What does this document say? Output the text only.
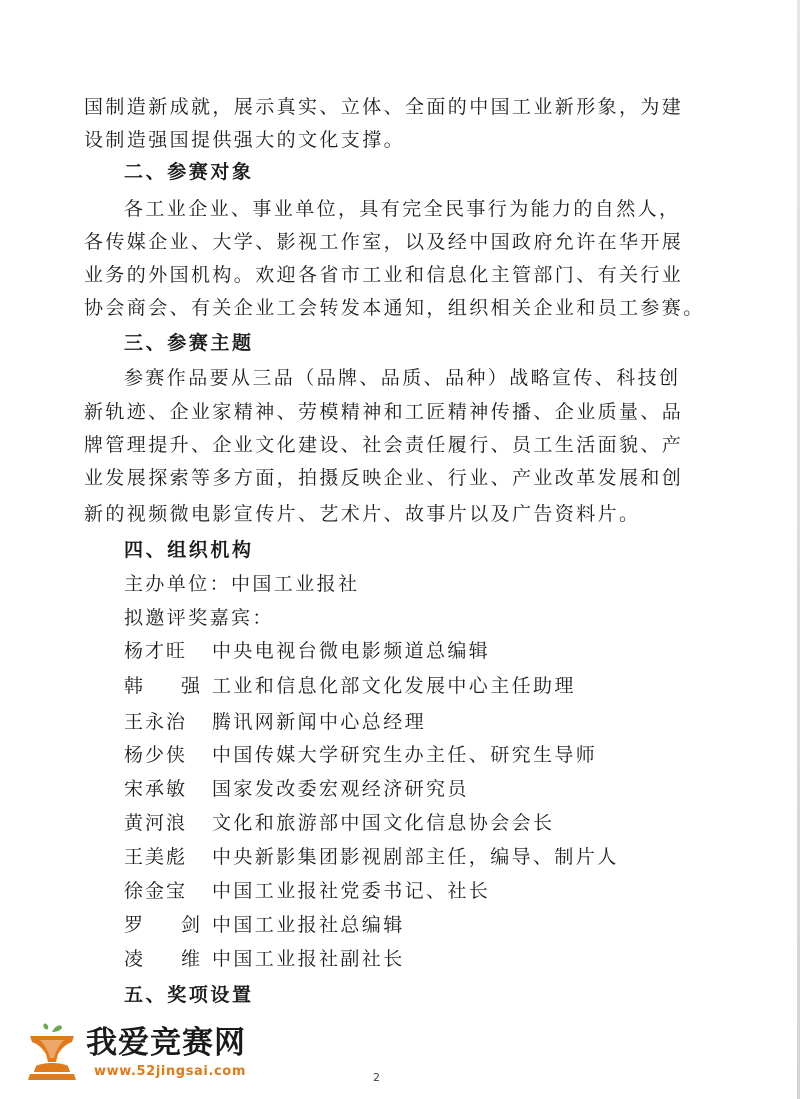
国制造新成就，展示真实、立体、全面的中国工业新形象，为建
设制造强国提供强大的文化支撑。
二、参赛对象
各工业企业、事业单位，具有完全民事行为能力的自然人，
各传媒企业、大学、影视工作室，以及经中国政府允许在华开展
业务的外国机构。欢迎各省市工业和信息化主管部门、有关行业
协会商会、有关企业工会转发本通知，组织相关企业和员工参赛。
三、参赛主题
参赛作品要从三品（品牌、品质、品种）战略宣传、科技创
新轨迹、企业家精神、劳模精神和工匠精神传播、企业质量、品
牌管理提升、企业文化建设、社会责任履行、员工生活面貌、产
业发展探索等多方面，拍摄反映企业、行业、产业改革发展和创
新的视频微电影宣传片、艺术片、故事片以及广告资料片。
四、组织机构
主办单位：中国工业报社
拟邀评奖嘉宾：
杨才旺 中央电视台微电影频道总编辑
韩 强工业和信息化部文化发展中心主任助理
王永治 腾讯网新闻中心总经理
杨少侠 中国传媒大学研究生办主任、研究生导师
宋承敏 国家发改委宏观经济研究员
黄河浪 文化和旅游部中国文化信息协会会长
王美彪 中央新影集团影视剧部主任，编导、制片人
徐金宝 中国工业报社党委书记、社长
罗 剑中国工业报社总编辑
凌 维中国工业报社副社长
五、奖项设置
2
我爱竞赛网
www.52jingsai.com
